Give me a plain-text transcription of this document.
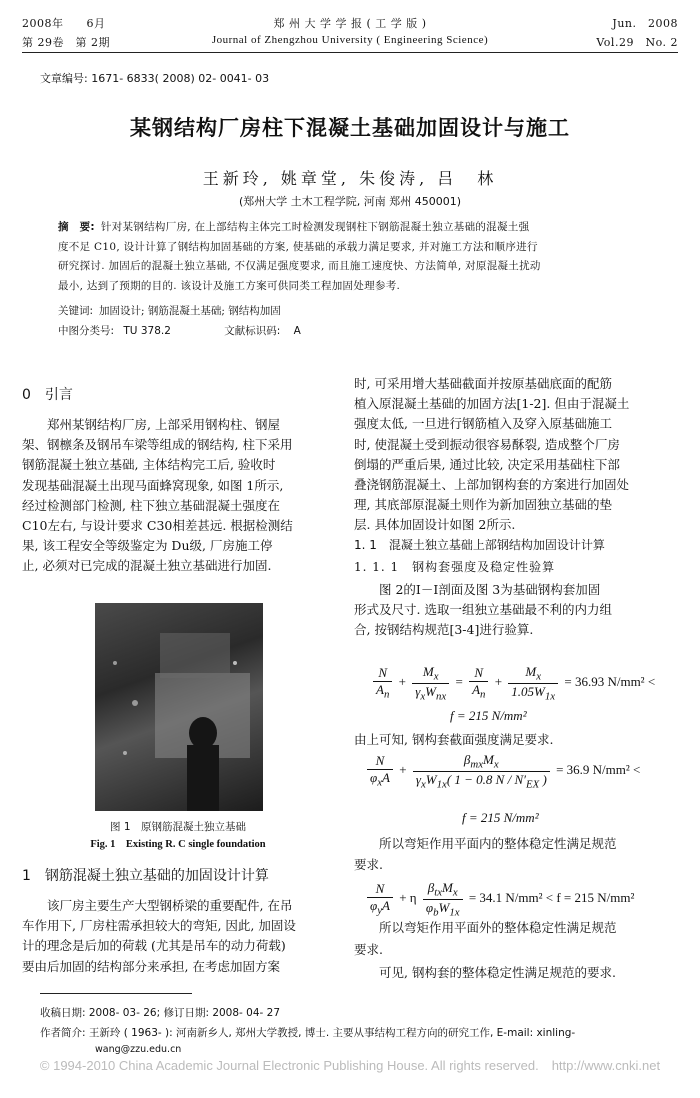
2008年　　6月
第 29卷　第 2期
郑 州 大 学 学 报 ( 工 学 版 )
Journal of Zhengzhou University ( Engineering Science)
Jun.　2008
Vol.29　No. 2
文章编号: 1671- 6833( 2008) 02- 0041- 03
某钢结构厂房柱下混凝土基础加固设计与施工
王新玲, 姚章堂, 朱俊涛, 吕　林
(郑州大学 土木工程学院, 河南 郑州 450001)
摘　要: 针对某钢结构厂房, 在上部结构主体完工时检测发现钢柱下钢筋混凝土独立基础的混凝土强
度不足 C10, 设计计算了钢结构加固基础的方案, 使基础的承载力满足要求, 并对施工方法和顺序进行
研究探讨. 加固后的混凝土独立基础, 不仅满足强度要求, 而且施工速度快、方法简单, 对原混凝土扰动
最小, 达到了预期的目的. 该设计及施工方案可供同类工程加固处理参考.
关键词: 加固设计; 钢筋混凝土基础; 钢结构加固
中图分类号: TU 378.2	文献标识码: A
0　引言
　　郑州某钢结构厂房, 上部采用钢构柱、钢屋
架、钢檩条及钢吊车梁等组成的钢结构, 柱下采用
钢筋混凝土独立基础, 主体结构完工后, 验收时
发现基础混凝土出现马面蜂窝现象, 如图 1所示,
经过检测部门检测, 柱下独立基础混凝土强度在
C10左右, 与设计要求 C30相差甚远. 根据检测结
果, 该工程安全等级鉴定为 Du级, 厂房施工停
止, 必须对已完成的混凝土独立基础进行加固.
图 1　原钢筋混凝土独立基础
Fig. 1　Existing R. C single foundation
1　钢筋混凝土独立基础的加固设计计算
　　该厂房主要生产大型钢桥梁的重要配件, 在吊
车作用下, 厂房柱需承担较大的弯矩, 因此, 加固设
计的理念是后加的荷载 (尤其是吊车的动力荷载)
要由后加固的结构部分来承担, 在考虑加固方案
收稿日期: 2008- 03- 26; 修订日期: 2008- 04- 27
作者简介: 王新玲 ( 1963- ): 河南新乡人, 郑州大学教授, 博士. 主要从事结构工程方向的研究工作, E-mail: xinling-
wang@zzu.edu.cn
时, 可采用增大基础截面并按原基础底面的配筋
植入原混凝土基础的加固方法[1-2]. 但由于混凝土
强度太低, 一旦进行钢筋植入及穿入原基础施工
时, 使混凝土受到振动很容易酥裂, 造成整个厂房
倒塌的严重后果, 通过比较, 决定采用基础柱下部
叠浇钢筋混凝土、上部加钢构套的方案进行加固处
理, 其底部原混凝土则作为新加固独立基础的垫
层. 具体加固设计如图 2所示.
1. 1　混凝土独立基础上部钢结构加固设计计算
1. 1. 1　钢构套强度及稳定性验算
　　图 2的Ⅰ－Ⅰ剖面及图 3为基础钢构套加固
形式及尺寸. 选取一组独立基础最不利的内力组
合, 按钢结构规范[3-4]进行验算.
$\frac{N}{A_n} + \frac{M_x}{\gamma_xW_{nx}} = \frac{N}{A_n} + \frac{M_x}{1.05W_{1x}} = 36.93$ N/mm² <
f = 215 N/mm²
由上可知, 钢构套截面强度满足要求.
$\frac{N}{\varphi_xA} + \frac{\beta_{mx}M_x}{\gamma_xW_{1x}( 1 - 0.8 N / N'_{EX} )} = 36.9$ N/mm² <
f = 215 N/mm²
　　所以弯矩作用平面内的整体稳定性满足规范
要求.
$\frac{N}{\varphi_yA} + \eta \frac{\beta_{tx}M_x}{\varphi_bW_{1x}} = 34.1$ N/mm² < f = 215 N/mm²
　　所以弯矩作用平面外的整体稳定性满足规范
要求.
　　可见, 钢构套的整体稳定性满足规范的要求.
© 1994-2010 China Academic Journal Electronic Publishing House. All rights reserved.　http://www.cnki.net
